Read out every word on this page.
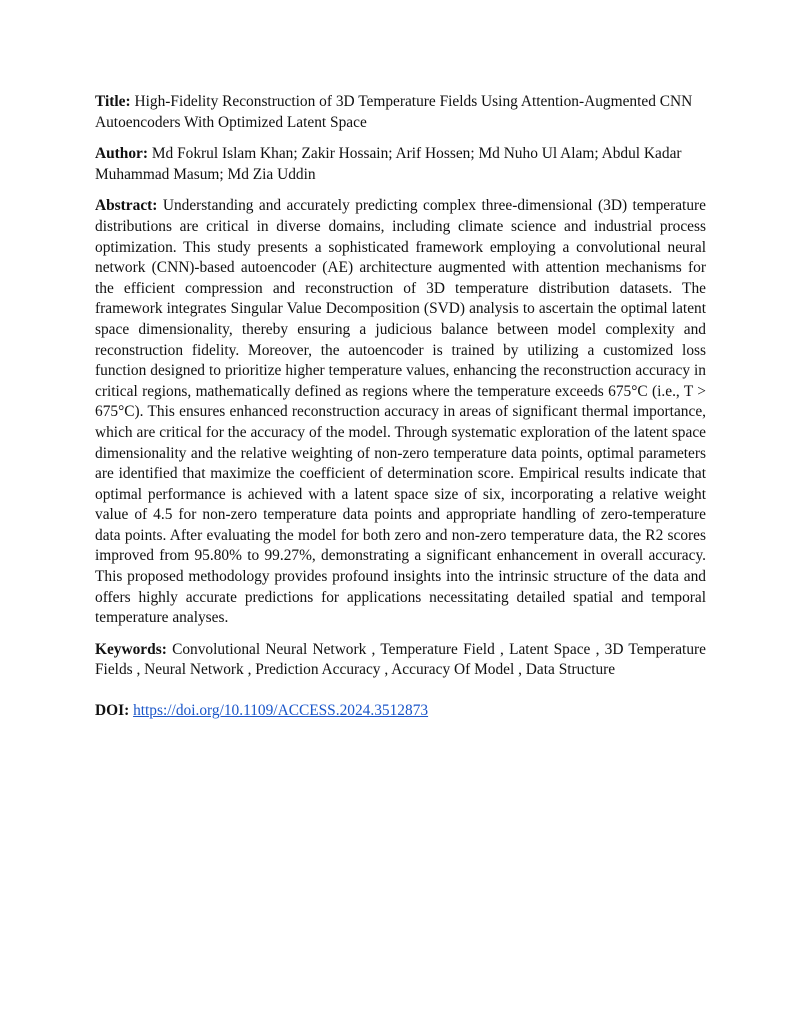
Title: High-Fidelity Reconstruction of 3D Temperature Fields Using Attention-Augmented CNN Autoencoders With Optimized Latent Space

Author: Md Fokrul Islam Khan; Zakir Hossain; Arif Hossen; Md Nuho Ul Alam; Abdul Kadar Muhammad Masum; Md Zia Uddin

Abstract: Understanding and accurately predicting complex three-dimensional (3D) temperature distributions are critical in diverse domains, including climate science and industrial process optimization. This study presents a sophisticated framework employing a convolutional neural network (CNN)-based autoencoder (AE) architecture augmented with attention mechanisms for the efficient compression and reconstruction of 3D temperature distribution datasets. The framework integrates Singular Value Decomposition (SVD) analysis to ascertain the optimal latent space dimensionality, thereby ensuring a judicious balance between model complexity and reconstruction fidelity. Moreover, the autoencoder is trained by utilizing a customized loss function designed to prioritize higher temperature values, enhancing the reconstruction accuracy in critical regions, mathematically defined as regions where the temperature exceeds 675°C (i.e., T > 675°C). This ensures enhanced reconstruction accuracy in areas of significant thermal importance, which are critical for the accuracy of the model. Through systematic exploration of the latent space dimensionality and the relative weighting of non-zero temperature data points, optimal parameters are identified that maximize the coefficient of determination score. Empirical results indicate that optimal performance is achieved with a latent space size of six, incorporating a relative weight value of 4.5 for non-zero temperature data points and appropriate handling of zero-temperature data points. After evaluating the model for both zero and non-zero temperature data, the R2 scores improved from 95.80% to 99.27%, demonstrating a significant enhancement in overall accuracy. This proposed methodology provides profound insights into the intrinsic structure of the data and offers highly accurate predictions for applications necessitating detailed spatial and temporal temperature analyses.

Keywords: Convolutional Neural Network , Temperature Field , Latent Space , 3D Temperature Fields , Neural Network , Prediction Accuracy , Accuracy Of Model , Data Structure

DOI: https://doi.org/10.1109/ACCESS.2024.3512873
